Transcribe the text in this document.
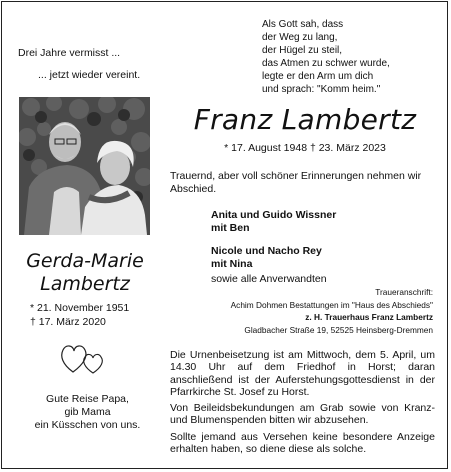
Als Gott sah, dass
der Weg zu lang,
der Hügel zu steil,
das Atmen zu schwer wurde,
legte er den Arm um dich
und sprach: "Komm heim."
Drei Jahre vermisst ...
... jetzt wieder vereint.
Franz Lambertz
* 17. August 1948 † 23. März 2023
Trauernd, aber voll schöner Erinnerungen nehmen wir Abschied.
Anita und Guido Wissner
mit Ben
Nicole und Nacho Rey
mit Nina
sowie alle Anverwandten
Traueranschrift:
Achim Dohmen Bestattungen im "Haus des Abschieds"
z. H. Trauerhaus Franz Lambertz
Gladbacher Straße 19, 52525 Heinsberg-Dremmen
Gerda-Marie
Lambertz
* 21. November 1951
† 17. März 2020
Gute Reise Papa,
gib Mama
ein Küsschen von uns.

Die Urnenbeisetzung ist am Mittwoch, dem 5. April, um 14.30 Uhr auf dem Friedhof in Horst; daran anschließend ist der Auferstehungsgottesdienst in der Pfarrkirche St. Josef zu Horst.

Von Beileidsbekundungen am Grab sowie von Kranz- und Blumenspenden bitten wir abzusehen.

Sollte jemand aus Versehen keine besondere Anzeige erhalten haben, so diene diese als solche.
